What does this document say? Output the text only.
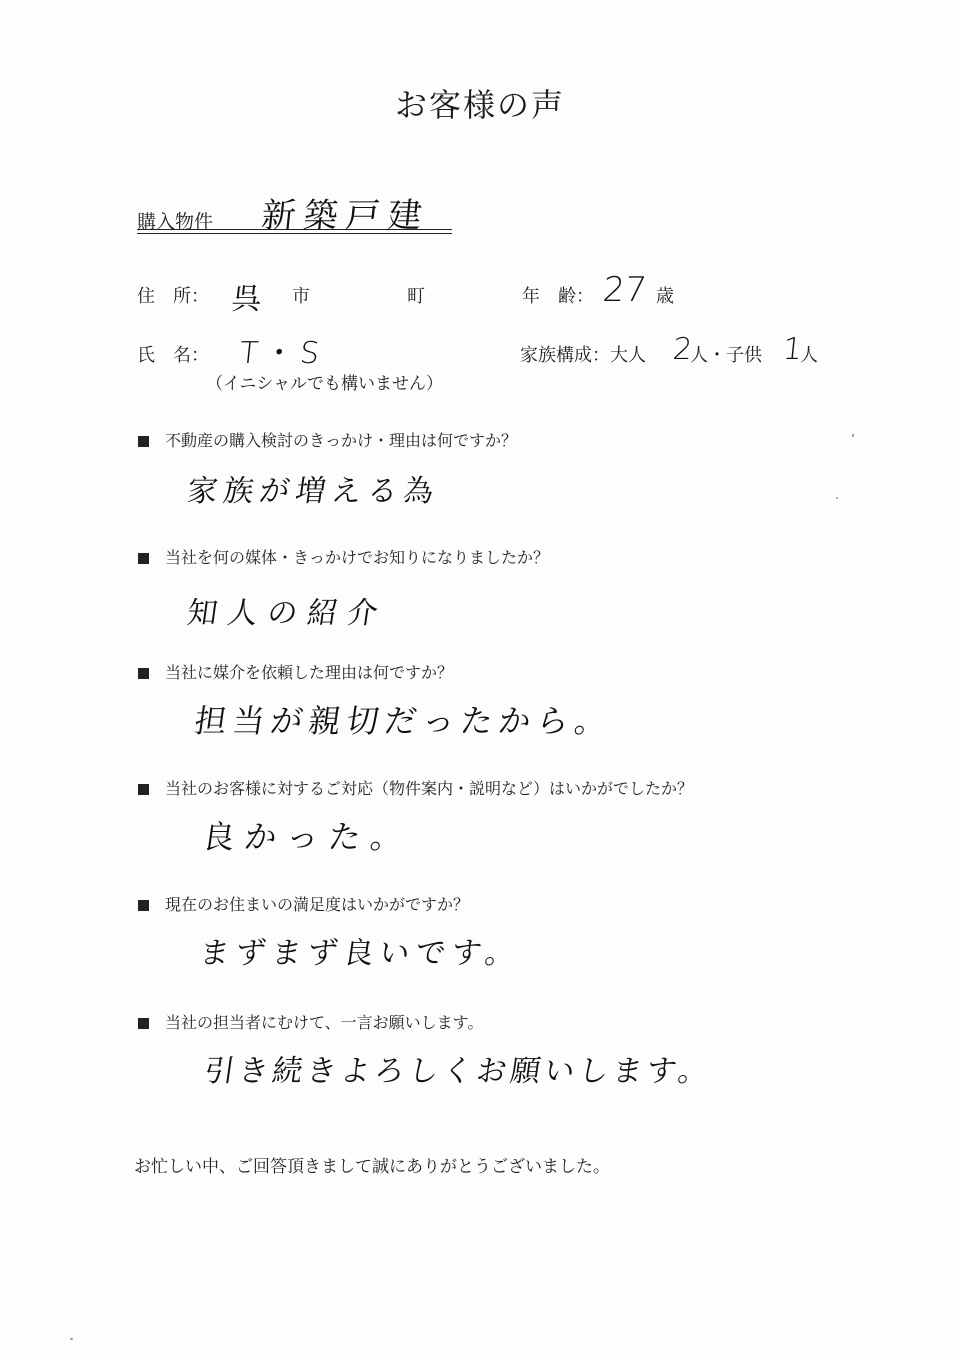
お客様の声
購入物件 新築戸建
住　所： 呉 市	町	年　齢： 27 歳
氏　名： T・S
（イニシャルでも構いません）
家族構成：大人 2
人・子供 1
人
不動産の購入検討のきっかけ・理由は何ですか？
家族が増える為
当社を何の媒体・きっかけでお知りになりましたか？
知人の紹介
当社に媒介を依頼した理由は何ですか？
担当が親切だったから。
当社のお客様に対するご対応（物件案内・説明など）はいかがでしたか？
良かった。
現在のお住まいの満足度はいかがですか？
まずまず良いです。
当社の担当者にむけて、一言お願いします。
引き続きよろしくお願いします。
お忙しい中、ご回答頂きまして誠にありがとうございました。
